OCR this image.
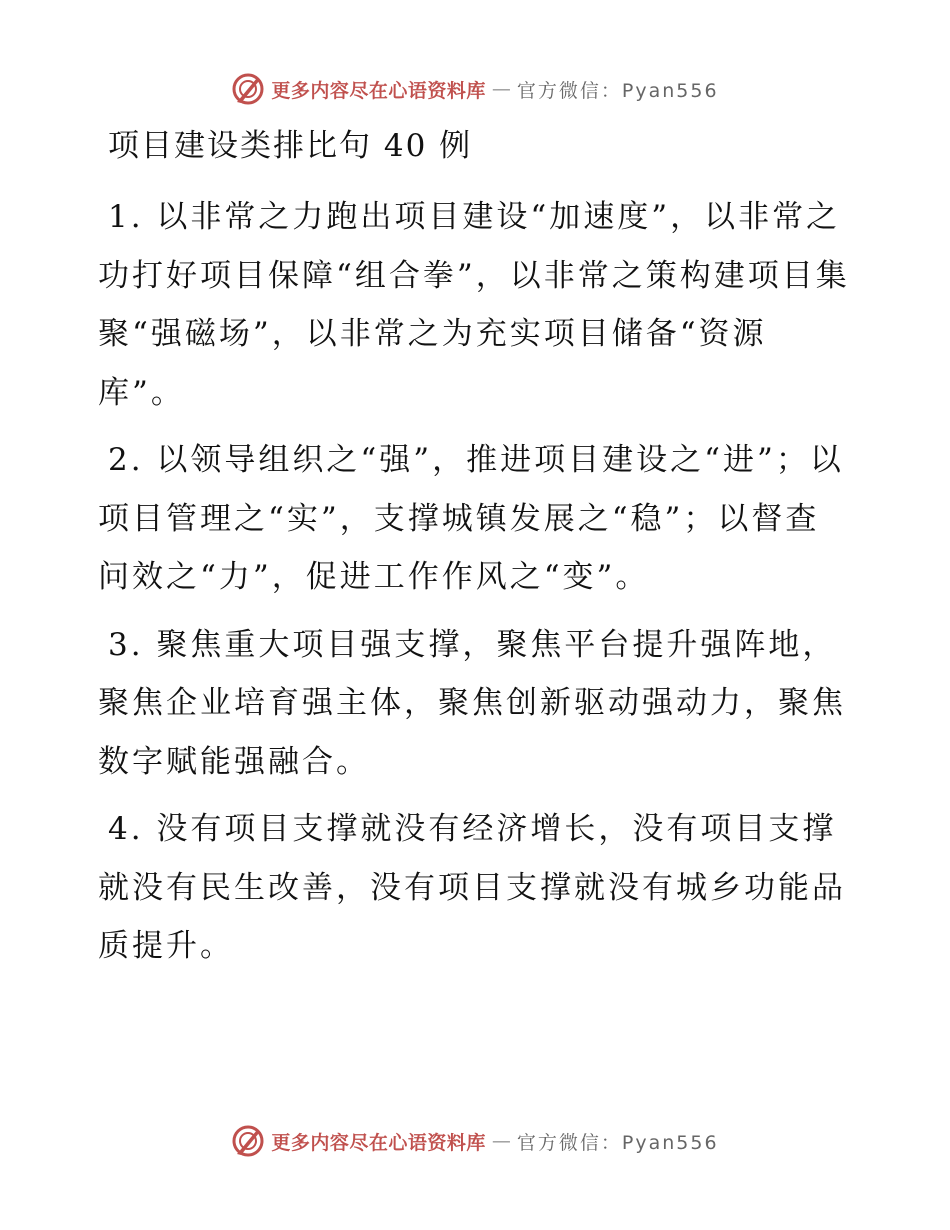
更多内容尽在心语资料库 — 官方微信：Pyan556
项目建设类排比句 40 例

1. 以非常之力跑出项目建设“加速度”，以非常之功打好项目保障“组合拳”，以非常之策构建项目集聚“强磁场”，以非常之为充实项目储备“资源库”。

2. 以领导组织之“强”，推进项目建设之“进”；以项目管理之“实”，支撑城镇发展之“稳”；以督查问效之“力”，促进工作作风之“变”。

3. 聚焦重大项目强支撑，聚焦平台提升强阵地，聚焦企业培育强主体，聚焦创新驱动强动力，聚焦数字赋能强融合。

4. 没有项目支撑就没有经济增长，没有项目支撑就没有民生改善，没有项目支撑就没有城乡功能品质提升。

更多内容尽在心语资料库 — 官方微信：Pyan556
